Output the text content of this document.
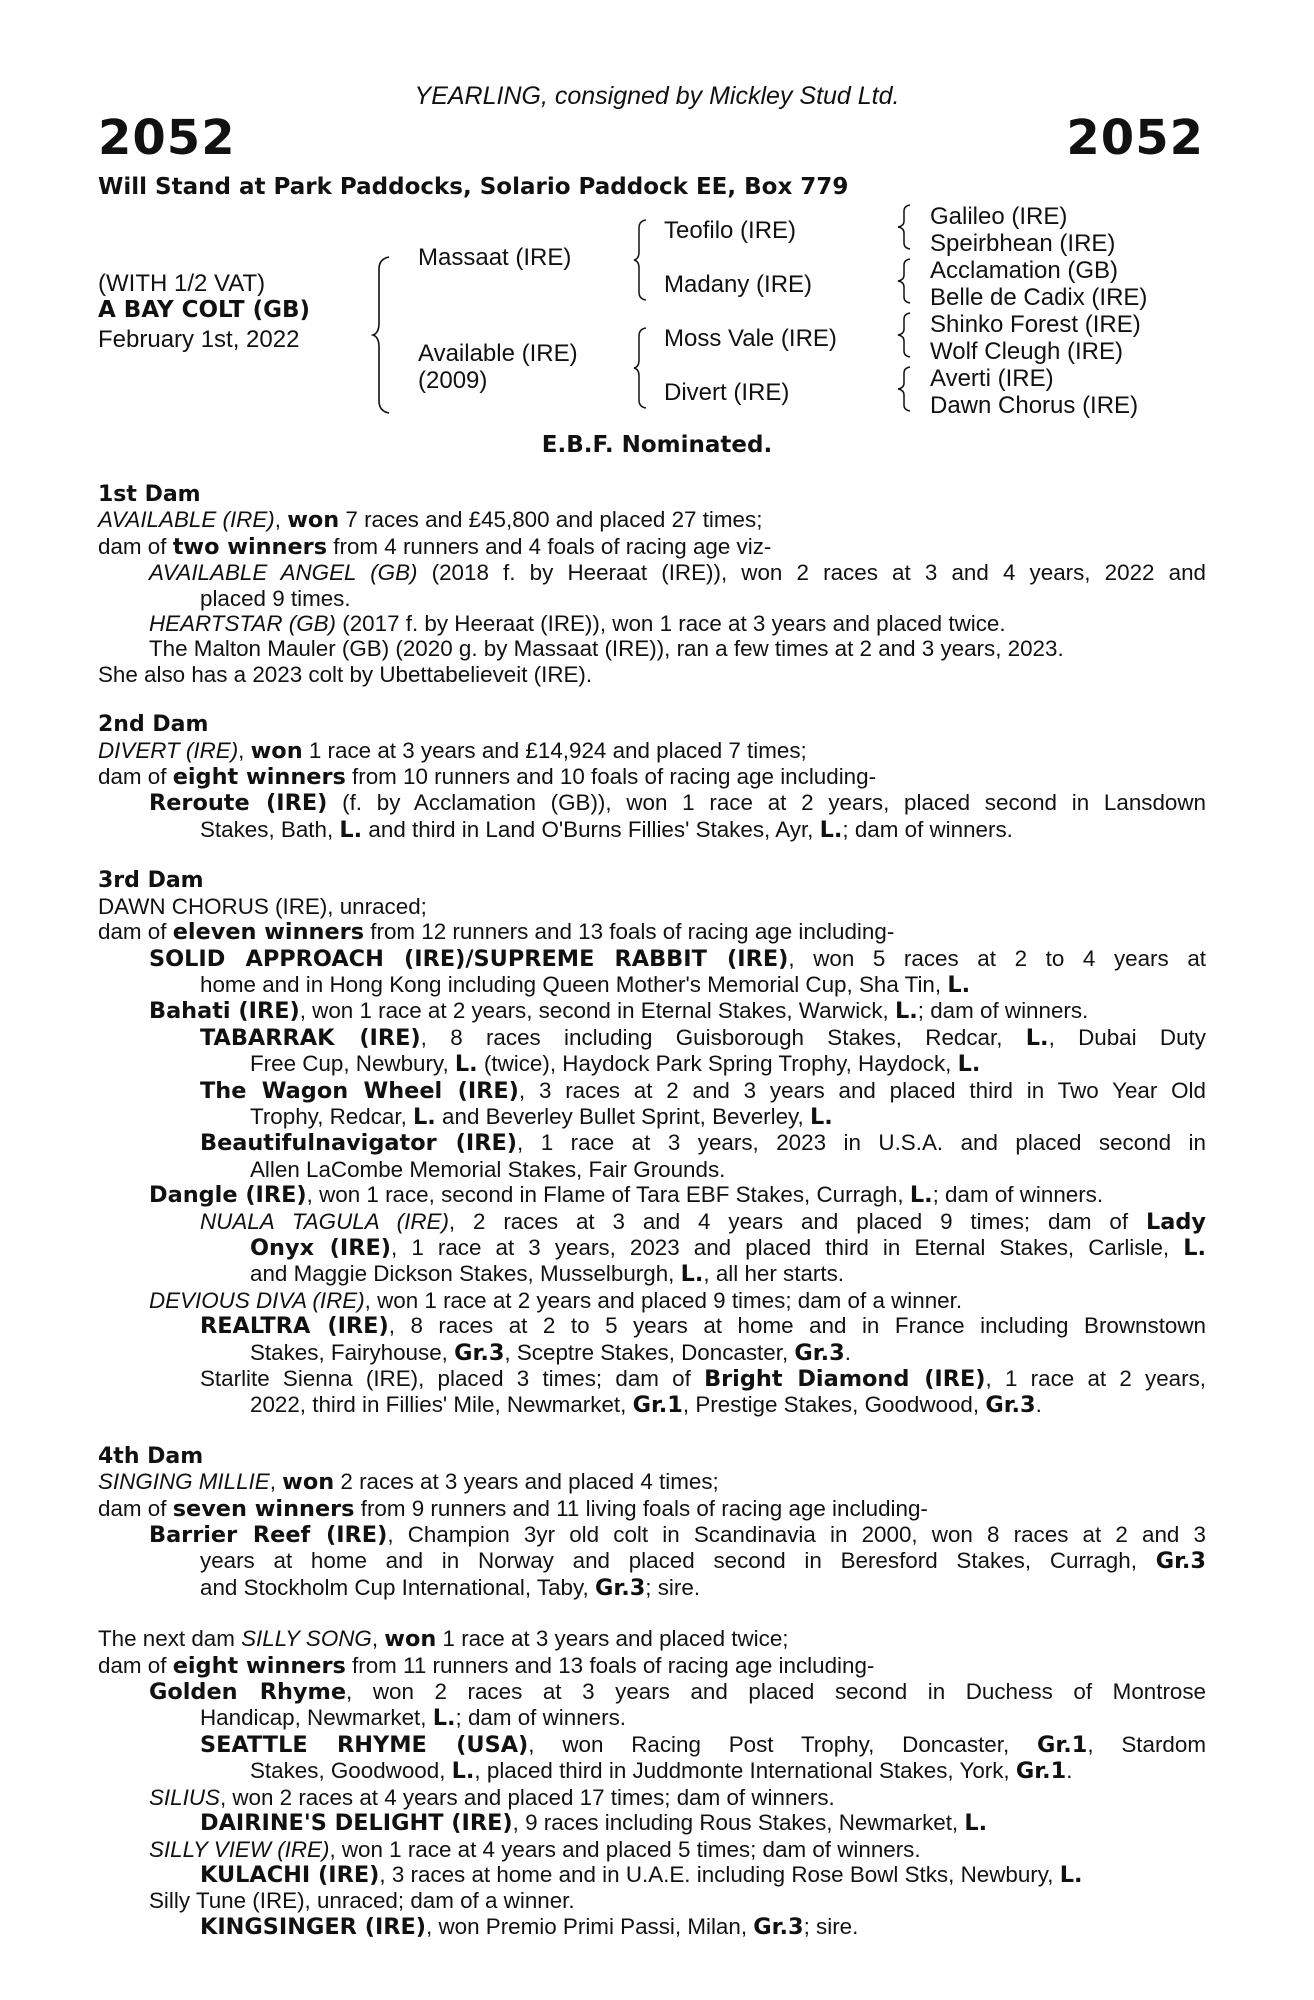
YEARLING, consigned by Mickley Stud Ltd.
2052	2052
Will Stand at Park Paddocks, Solario Paddock EE, Box 779
(WITH 1/2 VAT)
A BAY COLT (GB)
February 1st, 2022
Massaat (IRE)
Available (IRE)
(2009)
Teofilo (IRE)
Madany (IRE)
Moss Vale (IRE)
Divert (IRE)
Galileo (IRE)
Speirbhean (IRE)
Acclamation (GB)
Belle de Cadix (IRE)
Shinko Forest (IRE)
Wolf Cleugh (IRE)
Averti (IRE)
Dawn Chorus (IRE)
E.B.F. Nominated.
1st Dam
AVAILABLE (IRE), won 7 races and £45,800 and placed 27 times;
dam of two winners from 4 runners and 4 foals of racing age viz-
AVAILABLE ANGEL (GB) (2018 f. by Heeraat (IRE)), won 2 races at 3 and 4 years, 2022 and
placed 9 times.
HEARTSTAR (GB) (2017 f. by Heeraat (IRE)), won 1 race at 3 years and placed twice.
The Malton Mauler (GB) (2020 g. by Massaat (IRE)), ran a few times at 2 and 3 years, 2023.
She also has a 2023 colt by Ubettabelieveit (IRE).
2nd Dam
DIVERT (IRE), won 1 race at 3 years and £14,924 and placed 7 times;
dam of eight winners from 10 runners and 10 foals of racing age including-
Reroute (IRE) (f. by Acclamation (GB)), won 1 race at 2 years, placed second in Lansdown
Stakes, Bath, L. and third in Land O'Burns Fillies' Stakes, Ayr, L.; dam of winners.
3rd Dam
DAWN CHORUS (IRE), unraced;
dam of eleven winners from 12 runners and 13 foals of racing age including-
SOLID APPROACH (IRE)/SUPREME RABBIT (IRE), won 5 races at 2 to 4 years at
home and in Hong Kong including Queen Mother's Memorial Cup, Sha Tin, L.
Bahati (IRE), won 1 race at 2 years, second in Eternal Stakes, Warwick, L.; dam of winners.
TABARRAK (IRE), 8 races including Guisborough Stakes, Redcar, L., Dubai Duty
Free Cup, Newbury, L. (twice), Haydock Park Spring Trophy, Haydock, L.
The Wagon Wheel (IRE), 3 races at 2 and 3 years and placed third in Two Year Old
Trophy, Redcar, L. and Beverley Bullet Sprint, Beverley, L.
Beautifulnavigator (IRE), 1 race at 3 years, 2023 in U.S.A. and placed second in
Allen LaCombe Memorial Stakes, Fair Grounds.
Dangle (IRE), won 1 race, second in Flame of Tara EBF Stakes, Curragh, L.; dam of winners.
NUALA TAGULA (IRE), 2 races at 3 and 4 years and placed 9 times; dam of Lady
Onyx (IRE), 1 race at 3 years, 2023 and placed third in Eternal Stakes, Carlisle, L.
and Maggie Dickson Stakes, Musselburgh, L., all her starts.
DEVIOUS DIVA (IRE), won 1 race at 2 years and placed 9 times; dam of a winner.
REALTRA (IRE), 8 races at 2 to 5 years at home and in France including Brownstown
Stakes, Fairyhouse, Gr.3, Sceptre Stakes, Doncaster, Gr.3.
Starlite Sienna (IRE), placed 3 times; dam of Bright Diamond (IRE), 1 race at 2 years,
2022, third in Fillies' Mile, Newmarket, Gr.1, Prestige Stakes, Goodwood, Gr.3.
4th Dam
SINGING MILLIE, won 2 races at 3 years and placed 4 times;
dam of seven winners from 9 runners and 11 living foals of racing age including-
Barrier Reef (IRE), Champion 3yr old colt in Scandinavia in 2000, won 8 races at 2 and 3
years at home and in Norway and placed second in Beresford Stakes, Curragh, Gr.3
and Stockholm Cup International, Taby, Gr.3; sire.
The next dam SILLY SONG, won 1 race at 3 years and placed twice;
dam of eight winners from 11 runners and 13 foals of racing age including-
Golden Rhyme, won 2 races at 3 years and placed second in Duchess of Montrose
Handicap, Newmarket, L.; dam of winners.
SEATTLE RHYME (USA), won Racing Post Trophy, Doncaster, Gr.1, Stardom
Stakes, Goodwood, L., placed third in Juddmonte International Stakes, York, Gr.1.
SILIUS, won 2 races at 4 years and placed 17 times; dam of winners.
DAIRINE'S DELIGHT (IRE), 9 races including Rous Stakes, Newmarket, L.
SILLY VIEW (IRE), won 1 race at 4 years and placed 5 times; dam of winners.
KULACHI (IRE), 3 races at home and in U.A.E. including Rose Bowl Stks, Newbury, L.
Silly Tune (IRE), unraced; dam of a winner.
KINGSINGER (IRE), won Premio Primi Passi, Milan, Gr.3; sire.
